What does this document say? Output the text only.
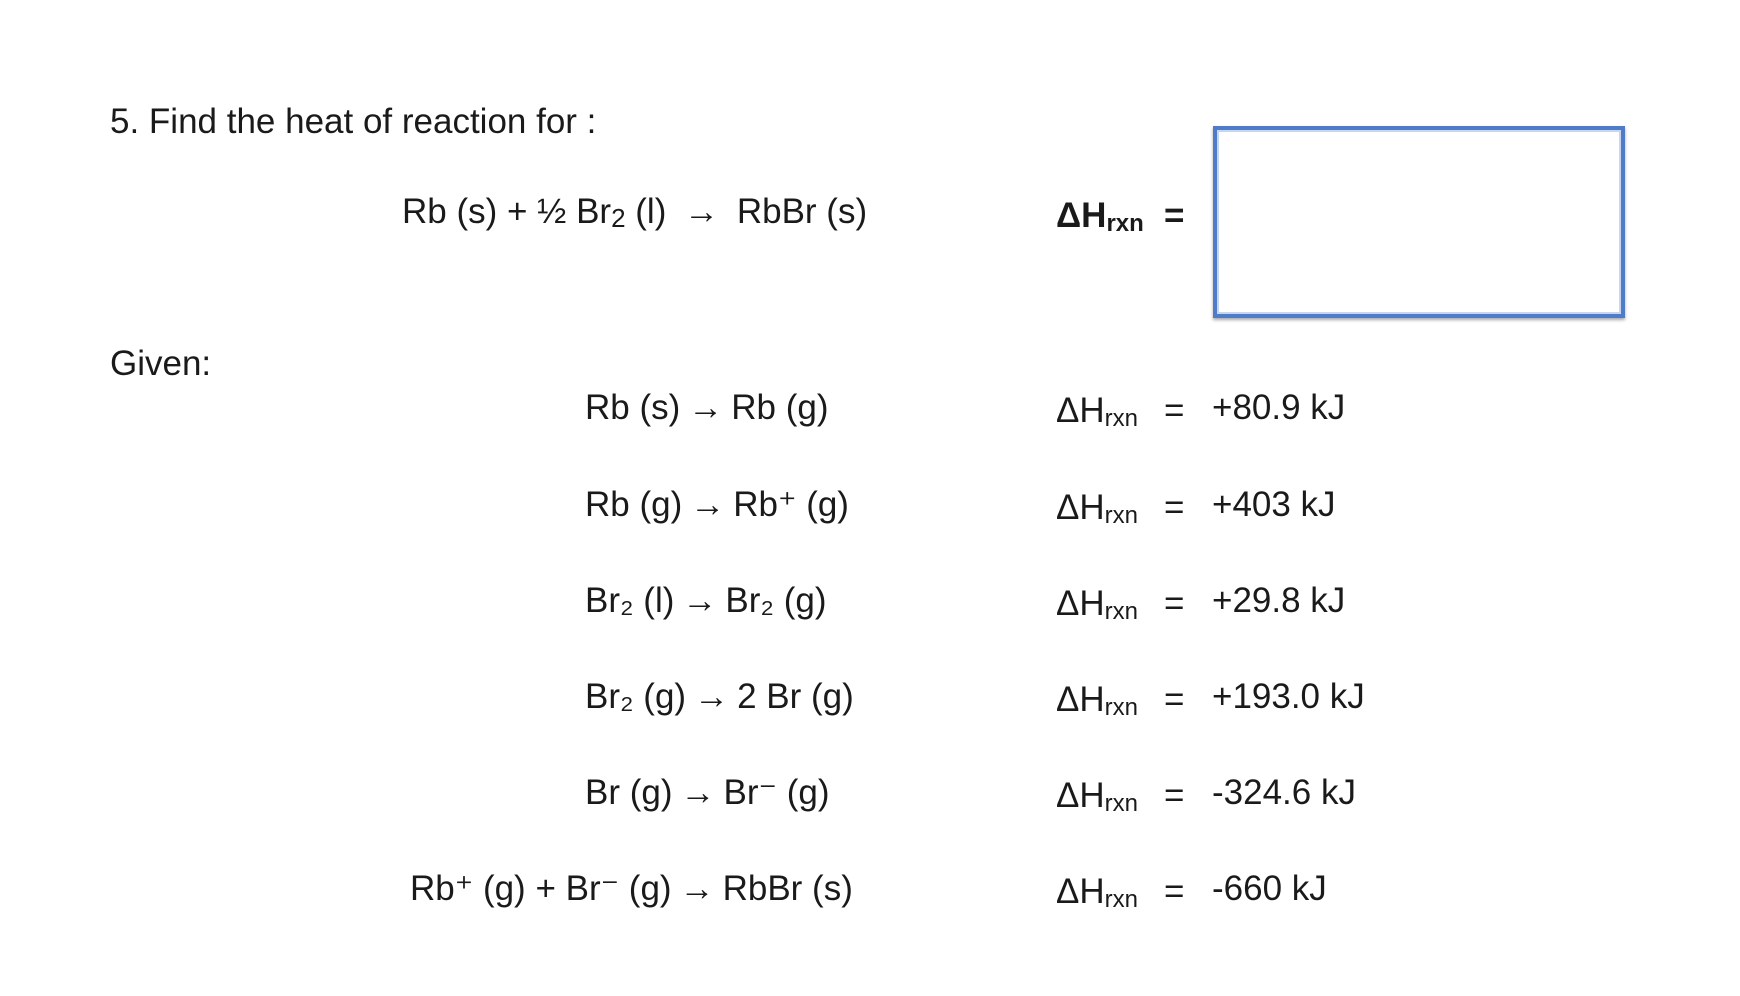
5. Find the heat of reaction for :
Rb (s) + ½ Br2 (l) → RbBr (s)	$\Delta H_{rxn}$ =
Given:
Rb (s) → Rb (g)	$\Delta H_{rxn} = +80.9$ kJ
Rb (g) → Rb⁺ (g)	$\Delta H_{rxn} = +403$ kJ
Br₂ (l) → Br₂ (g)	$\Delta H_{rxn} = +29.8$ kJ
Br₂ (g) → 2 Br (g)	$\Delta H_{rxn} = +193.0$ kJ
Br (g) → Br⁻ (g)	$\Delta H_{rxn} = -324.6$ kJ
Rb⁺ (g) + Br⁻ (g) → RbBr (s)	$\Delta H_{rxn} = -660$ kJ
